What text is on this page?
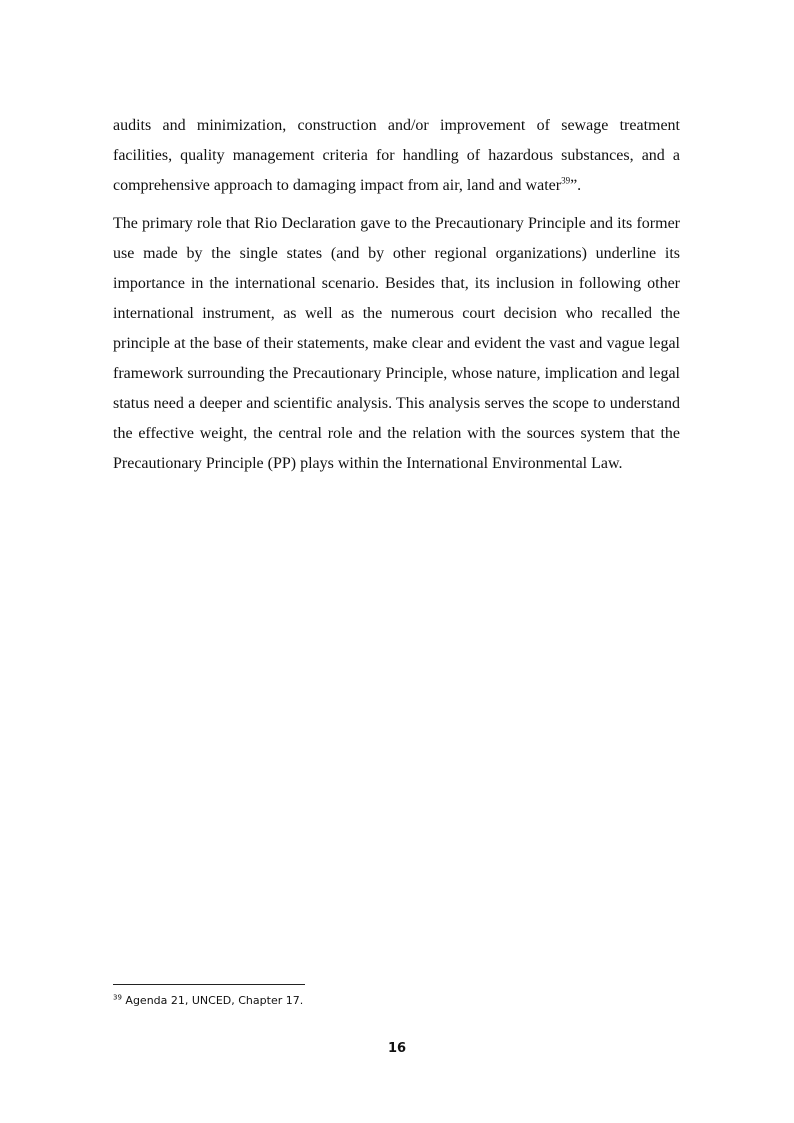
audits and minimization, construction and/or improvement of sewage treatment facilities, quality management criteria for handling of hazardous substances, and a comprehensive approach to damaging impact from air, land and water$^{39}$”.

The primary role that Rio Declaration gave to the Precautionary Principle and its former use made by the single states (and by other regional organizations) underline its importance in the international scenario. Besides that, its inclusion in following other international instrument, as well as the numerous court decision who recalled the principle at the base of their statements, make clear and evident the vast and vague legal framework surrounding the Precautionary Principle, whose nature, implication and legal status need a deeper and scientific analysis. This analysis serves the scope to understand the effective weight, the central role and the relation with the sources system that the Precautionary Principle (PP) plays within the International Environmental Law.

$^{39}$ Agenda 21, UNCED, Chapter 17.
16
